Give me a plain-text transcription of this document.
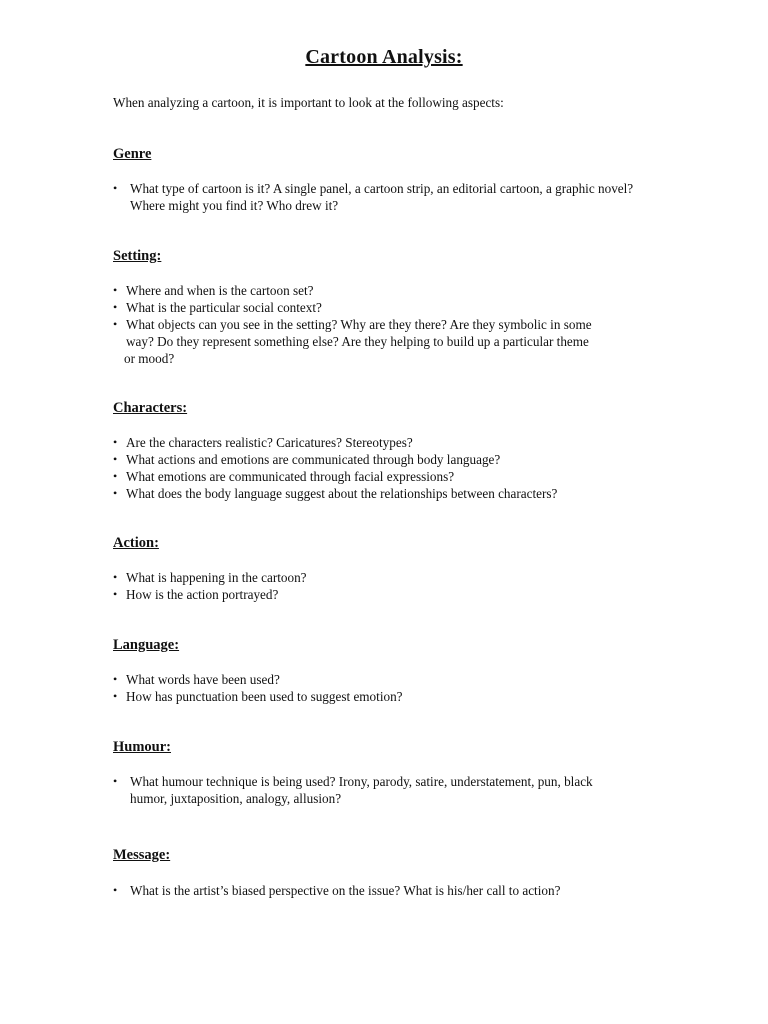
Cartoon Analysis:

When analyzing a cartoon, it is important to look at the following aspects:

Genre

• What type of cartoon is it? A single panel, a cartoon strip, an editorial cartoon, a graphic novel?
Where might you find it? Who drew it?

Setting:

• Where and when is the cartoon set?
• What is the particular social context?
• What objects can you see in the setting? Why are they there? Are they symbolic in some
way? Do they represent something else? Are they helping to build up a particular theme
or mood?

Characters:

• Are the characters realistic? Caricatures? Stereotypes?
• What actions and emotions are communicated through body language?
• What emotions are communicated through facial expressions?
• What does the body language suggest about the relationships between characters?

Action:

• What is happening in the cartoon?
• How is the action portrayed?

Language:

• What words have been used?
• How has punctuation been used to suggest emotion?

Humour:

• What humour technique is being used? Irony, parody, satire, understatement, pun, black
humor, juxtaposition, analogy, allusion?

Message:

• What is the artist’s biased perspective on the issue? What is his/her call to action?
